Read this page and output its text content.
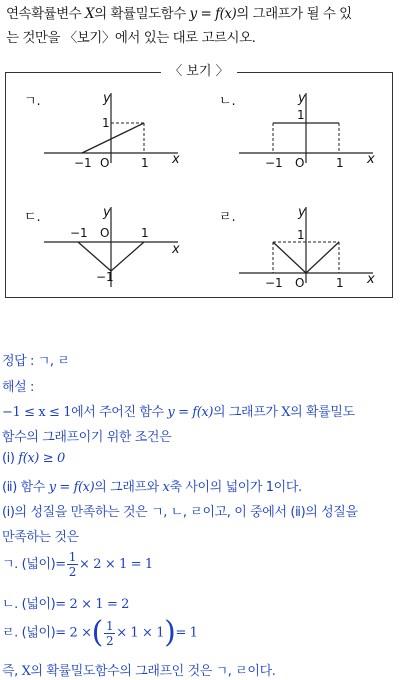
연속확률변수 X의 확률밀도함수 y = f(x)의 그래프가 될 수 있
는 것만을 〈보기〉에서 있는 대로 고르시오.
〈 보기 〉
ㄱ.	y
x
1
−1 O	1
ㄴ.	y
x
1
−1 O	1
ㄷ.	y
x
−1 O	1
−1
ㄹ.	y
x
1
−1 O	1
정답 : ㄱ, ㄹ
해설 :
−1 ≤ x ≤ 1에서 주어진 함수 y = f(x)의 그래프가 X의 확률밀도
함수의 그래프이기 위한 조건은
(ⅰ) f(x) ≥ 0
(ⅱ) 함수 y = f(x)의 그래프와 x축 사이의 넓이가 1이다.
(ⅰ)의 성질을 만족하는 것은 ㄱ, ㄴ, ㄹ이고, 이 중에서 (ⅱ)의 성질을
만족하는 것은
ㄱ. (넓이)= $\frac{1}{2} \times 2 \times 1 = 1$
ㄴ. (넓이)= 2 × 1 = 2
ㄹ. (넓이)= 2 ×( $\frac{1}{2} \times 1 \times 1)= 1$
즉, X의 확률밀도함수의 그래프인 것은 ㄱ, ㄹ이다.
